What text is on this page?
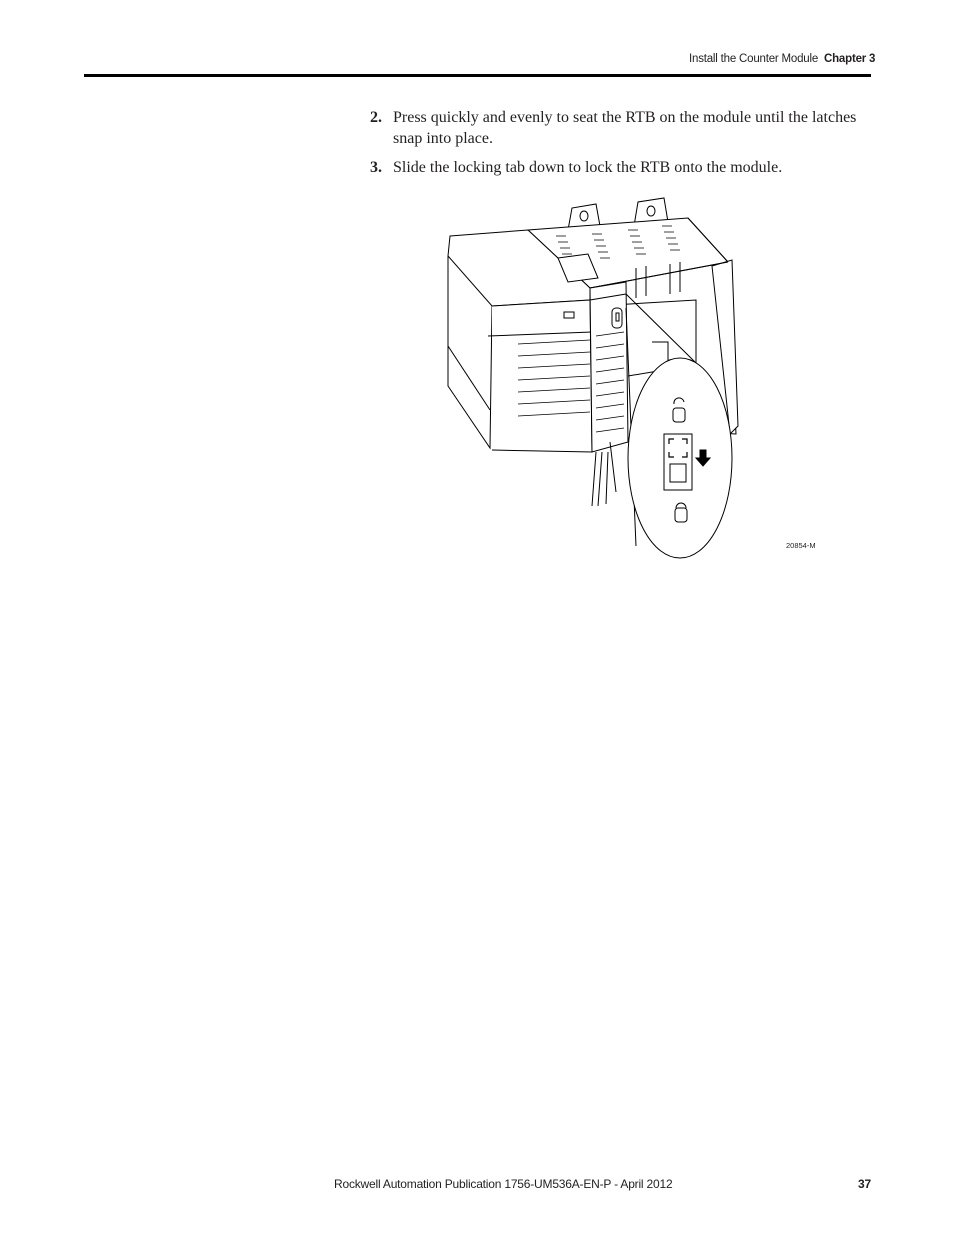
Install the Counter Module Chapter 3
2. Press quickly and evenly to seat the RTB on the module until the latches snap into place.
3. Slide the locking tab down to lock the RTB onto the module.
20854-M
Rockwell Automation Publication 1756-UM536A-EN-P - April 2012	37
